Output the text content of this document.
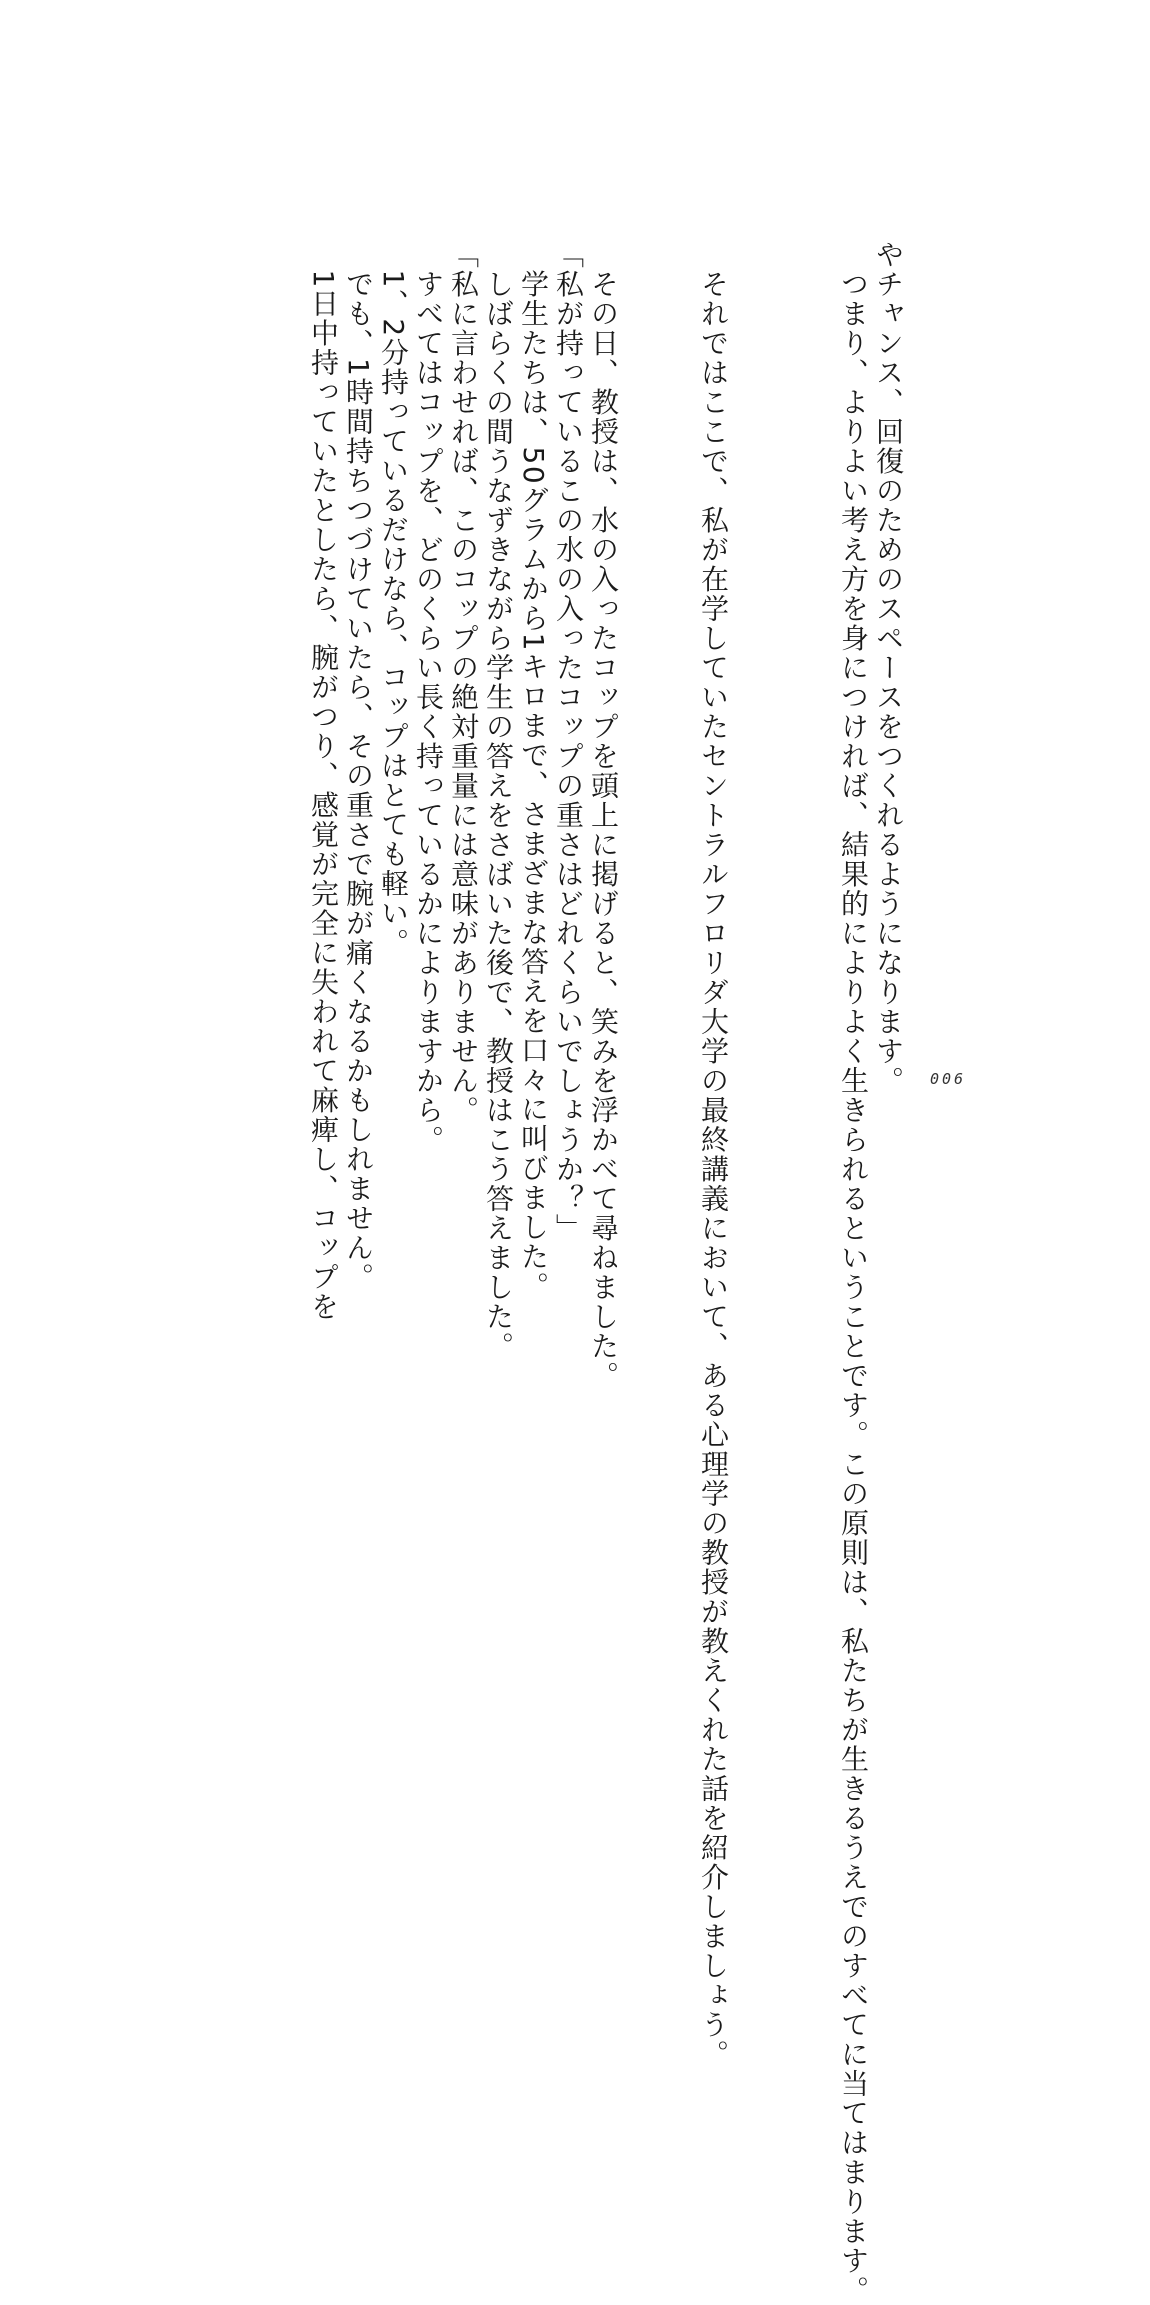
やチャンス、回復のためのスペースをつくれるようになります。
　つまり、よりよい考え方を身につければ、結果的によりよく生きられるということです。この原則は、私たちが生きるうえでのすべてに当てはまります。
　それではここで、私が在学していたセントラルフロリダ大学の最終講義において、ある心理学の教授が教えくれた話を紹介しましょう。
　その日、教授は、水の入ったコップを頭上に掲げると、笑みを浮かべて尋ねました。
「私が持っているこの水の入ったコップの重さはどれくらいでしょうか？」
　学生たちは、50グラムから1キロまで、さまざまな答えを口々に叫びました。
　しばらくの間うなずきながら学生の答えをさばいた後で、教授はこう答えました。
「私に言わせれば、このコップの絶対重量には意味がありません。
　すべてはコップを、どのくらい長く持っているかによりますから。
　1、2分持っているだけなら、コップはとても軽い。
　でも、1時間持ちつづけていたら、その重さで腕が痛くなるかもしれません。
　1日中持っていたとしたら、腕がつり、感覚が完全に失われて麻痺し、コップを	006
